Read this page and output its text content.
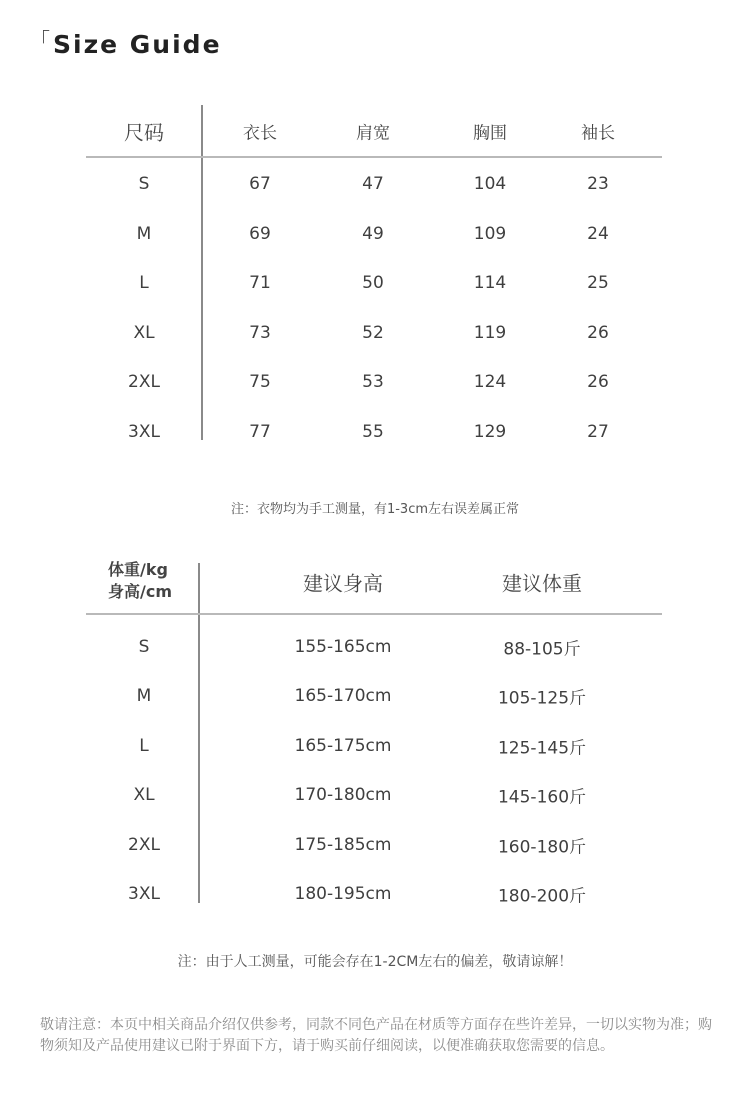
「Size Guide
尺码	衣长	肩宽	胸围	袖长
S	67	47	104	23
M	69	49	109	24
L	71	50	114	25
XL	73	52	119	26
2XL	75	53	124	26
3XL	77	55	129	27
注：衣物均为手工测量，有1-3cm左右误差属正常
体重/kg
身高/cm	建议身高	建议体重
S	155-165cm	88-105斤
M	165-170cm	105-125斤
L	165-175cm	125-145斤
XL	170-180cm	145-160斤
2XL	175-185cm	160-180斤
3XL	180-195cm	180-200斤
注：由于人工测量，可能会存在1-2CM左右的偏差，敬请谅解！
敬请注意：本页中相关商品介绍仅供参考，同款不同色产品在材质等方面存在些许差异，一切以实物为准；购物须知及产品使用建议已附于界面下方，请于购买前仔细阅读，以便准确获取您需要的信息。
